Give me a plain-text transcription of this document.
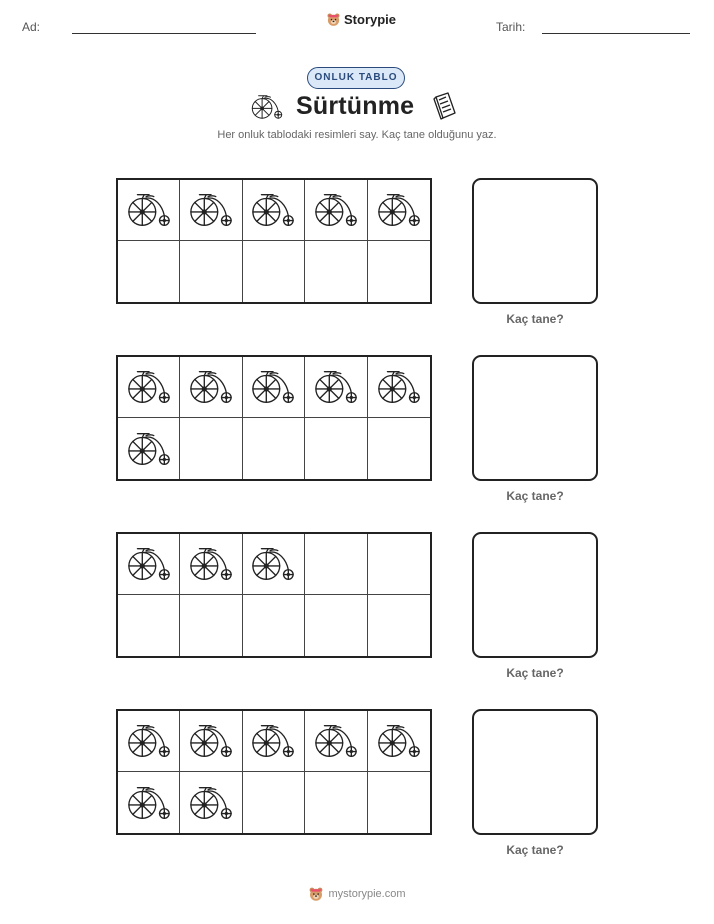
Ad:	Storypie	Tarih:
ONLUK TABLO
Sürtünme
Her onluk tablodaki resimleri say. Kaç tane olduğunu yaz.
Kaç tane?
Kaç tane?
Kaç tane?
Kaç tane?
mystorypie.com
